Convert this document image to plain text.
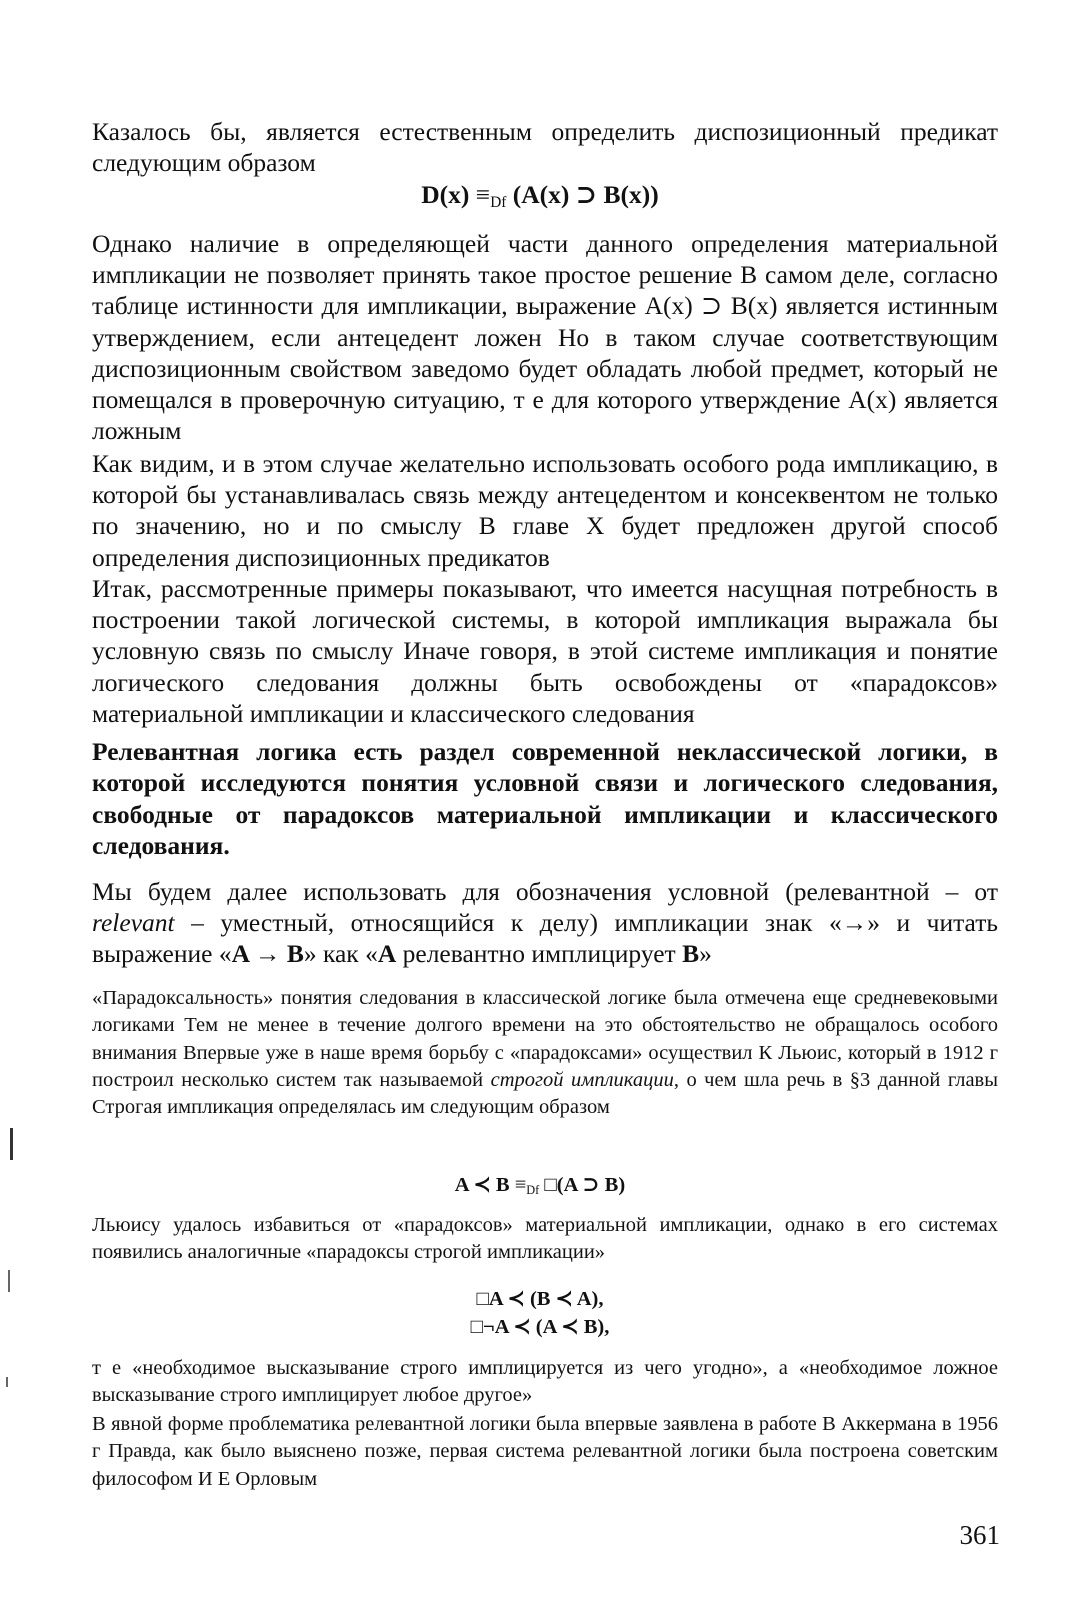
Казалось бы, является естественным определить диспозиционный предикат следующим образом

$D(x) \equiv_{Df}$ (A(x) ⊃ B(x))

Однако наличие в определяющей части данного определения материальной импликации не позволяет принять такое простое решение В самом деле, согласно таблице истинности для импликации, выражение A(x) ⊃ B(x) является истинным утверждением, если антецедент ложен Но в таком случае соответствующим диспозиционным свойством заведомо будет обладать любой предмет, который не помещался в проверочную ситуацию, т е для которого утверждение A(x) является ложным

Как видим, и в этом случае желательно использовать особого рода импликацию, в которой бы устанавливалась связь между антецедентом и консеквентом не только по значению, но и по смыслу В главе X будет предложен другой способ определения диспозиционных предикатов

Итак, рассмотренные примеры показывают, что имеется насущная потребность в построении такой логической системы, в которой импликация выражала бы условную связь по смыслу Иначе говоря, в этой системе импликация и понятие логического следования должны быть освобождены от «парадоксов» материальной импликации и классического следования

Релевантная логика есть раздел современной неклассической логики, в которой исследуются понятия условной связи и логического следования, свободные от парадоксов материальной импликации и классического следования.

Мы будем далее использовать для обозначения условной (релевантной – от relevant – уместный, относящийся к делу) импликации знак «→» и читать выражение «A → B» как «A релевантно имплицирует B»

«Парадоксальность» понятия следования в классической логике была отмечена еще средневековыми логиками Тем не менее в течение долгого времени на это обстоятельство не обращалось особого внимания Впервые уже в наше время борьбу с «парадоксами» осуществил К Льюис, который в 1912 г построил несколько систем так называемой строгой импликации, о чем шла речь в §3 данной главы Строгая импликация определялась им следующим образом

A ≺ $B \equiv_{Df}$ □(A ⊃ B)

Льюису удалось избавиться от «парадоксов» материальной импликации, однако в его системах появились аналогичные «парадоксы строгой импликации»

□A ≺ (B ≺ A),

□¬A ≺ (A ≺ B),

т е «необходимое высказывание строго имплицируется из чего угодно», а «необходимое ложное высказывание строго имплицирует любое другое»

В явной форме проблематика релевантной логики была впервые заявлена в работе В Аккермана в 1956 г Правда, как было выяснено позже, первая система релевантной логики была построена советским философом И Е Орловым

361
